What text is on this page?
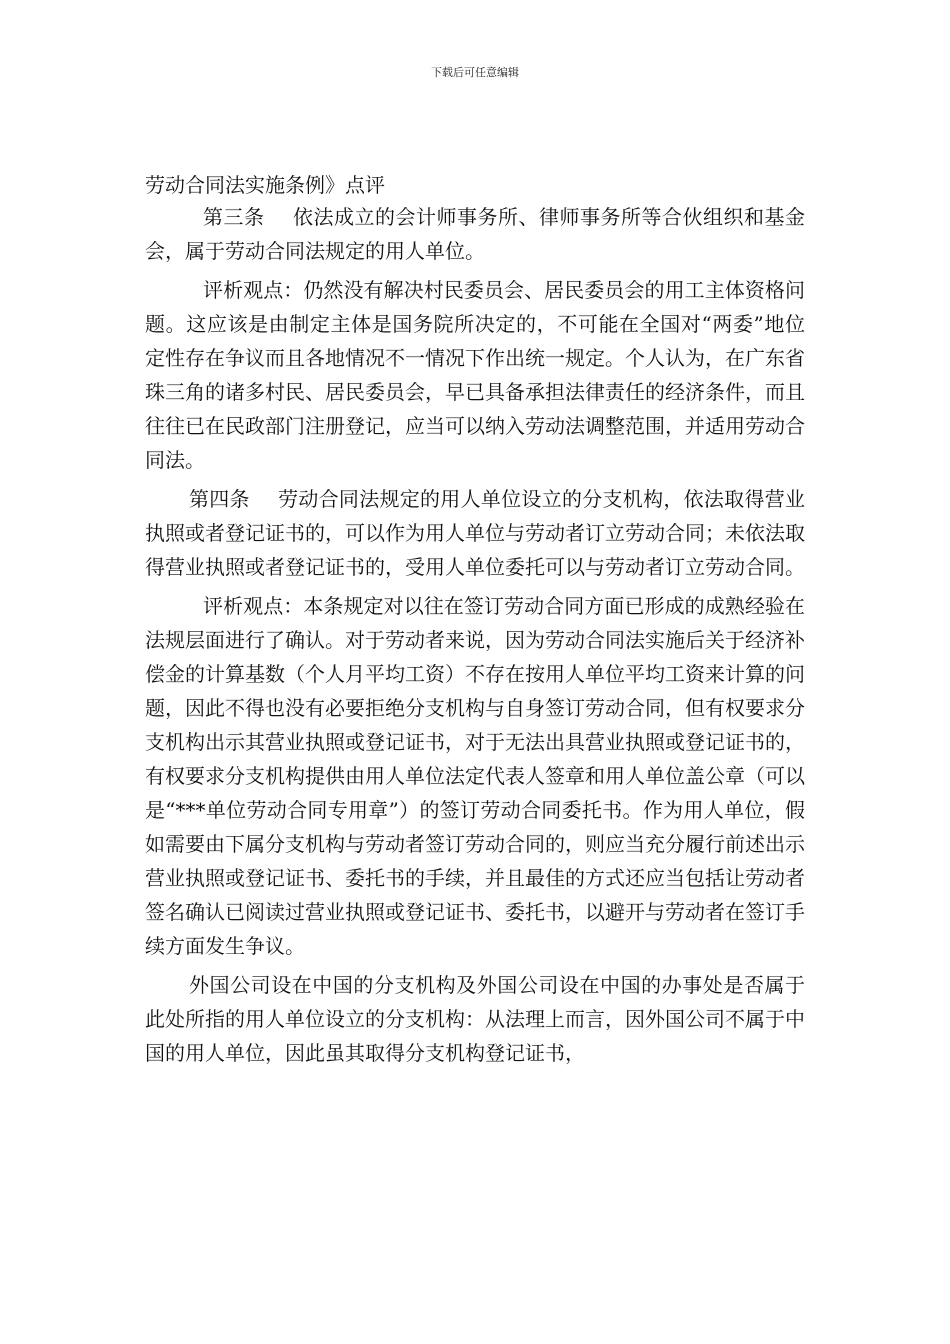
下载后可任意编辑
劳动合同法实施条例》点评

第三条 依法成立的会计师事务所、律师事务所等合伙组织和基金会，属于劳动合同法规定的用人单位。

评析观点：仍然没有解决村民委员会、居民委员会的用工主体资格问题。这应该是由制定主体是国务院所决定的，不可能在全国对“两委”地位定性存在争议而且各地情况不一情况下作出统一规定。个人认为，在广东省珠三角的诸多村民、居民委员会，早已具备承担法律责任的经济条件，而且往往已在民政部门注册登记，应当可以纳入劳动法调整范围，并适用劳动合同法。

第四条 劳动合同法规定的用人单位设立的分支机构，依法取得营业执照或者登记证书的，可以作为用人单位与劳动者订立劳动合同；未依法取得营业执照或者登记证书的，受用人单位委托可以与劳动者订立劳动合同。

评析观点：本条规定对以往在签订劳动合同方面已形成的成熟经验在法规层面进行了确认。对于劳动者来说，因为劳动合同法实施后关于经济补偿金的计算基数（个人月平均工资）不存在按用人单位平均工资来计算的问题，因此不得也没有必要拒绝分支机构与自身签订劳动合同，但有权要求分支机构出示其营业执照或登记证书，对于无法出具营业执照或登记证书的，有权要求分支机构提供由用人单位法定代表人签章和用人单位盖公章（可以是“***单位劳动合同专用章”）的签订劳动合同委托书。作为用人单位，假如需要由下属分支机构与劳动者签订劳动合同的，则应当充分履行前述出示营业执照或登记证书、委托书的手续，并且最佳的方式还应当包括让劳动者签名确认已阅读过营业执照或登记证书、委托书，以避开与劳动者在签订手续方面发生争议。

外国公司设在中国的分支机构及外国公司设在中国的办事处是否属于此处所指的用人单位设立的分支机构：从法理上而言，因外国公司不属于中国的用人单位，因此虽其取得分支机构登记证书，
